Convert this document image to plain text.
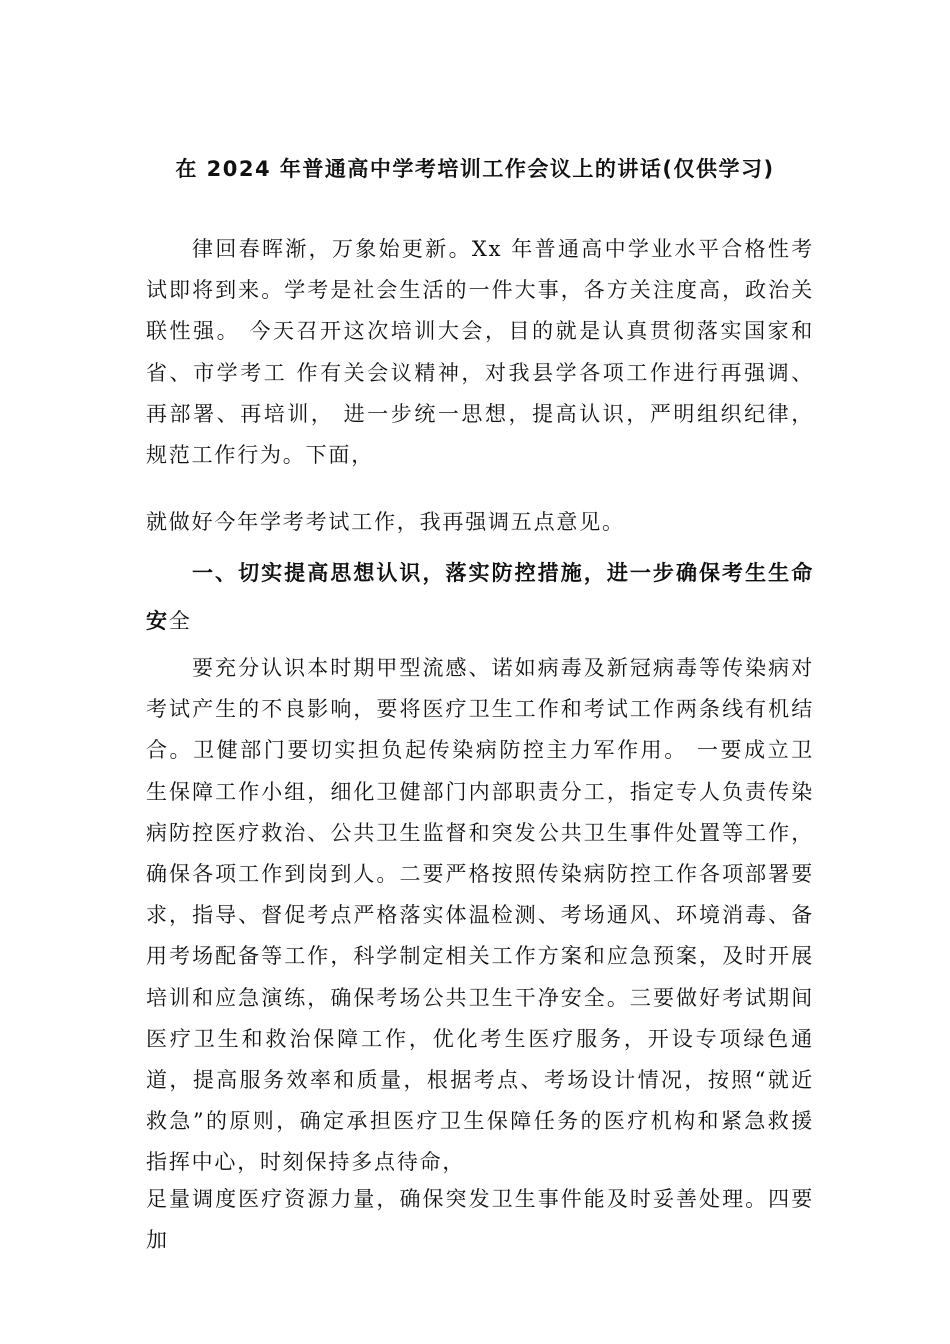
在 2024 年普通高中学考培训工作会议上的讲话(仅供学习)
律回春晖渐，万象始更新。Xx 年普通高中学业水平合格性考试即将到来。学考是社会生活的一件大事，各方关注度高，政治关联性强。 今天召开这次培训大会，目的就是认真贯彻落实国家和省、市学考工 作有关会议精神，对我县学各项工作进行再强调、再部署、再培训， 进一步统一思想，提高认识，严明组织纪律，规范工作行为。下面，
就做好今年学考考试工作，我再强调五点意见。
一、切实提高思想认识，落实防控措施，进一步确保考生生命安全
要充分认识本时期甲型流感、诺如病毒及新冠病毒等传染病对考试产生的不良影响，要将医疗卫生工作和考试工作两条线有机结合。卫健部门要切实担负起传染病防控主力军作用。 一要成立卫生保障工作小组，细化卫健部门内部职责分工，指定专人负责传染病防控医疗救治、公共卫生监督和突发公共卫生事件处置等工作，确保各项工作到岗到人。二要严格按照传染病防控工作各项部署要求，指导、督促考点严格落实体温检测、考场通风、环境消毒、备用考场配备等工作，科学制定相关工作方案和应急预案，及时开展培训和应急演练，确保考场公共卫生干净安全。三要做好考试期间医疗卫生和救治保障工作，优化考生医疗服务，开设专项绿色通道，提高服务效率和质量，根据考点、考场设计情况，按照“就近救急”的原则，确定承担医疗卫生保障任务的医疗机构和紧急救援指挥中心，时刻保持多点待命，
足量调度医疗资源力量，确保突发卫生事件能及时妥善处理。四要加
